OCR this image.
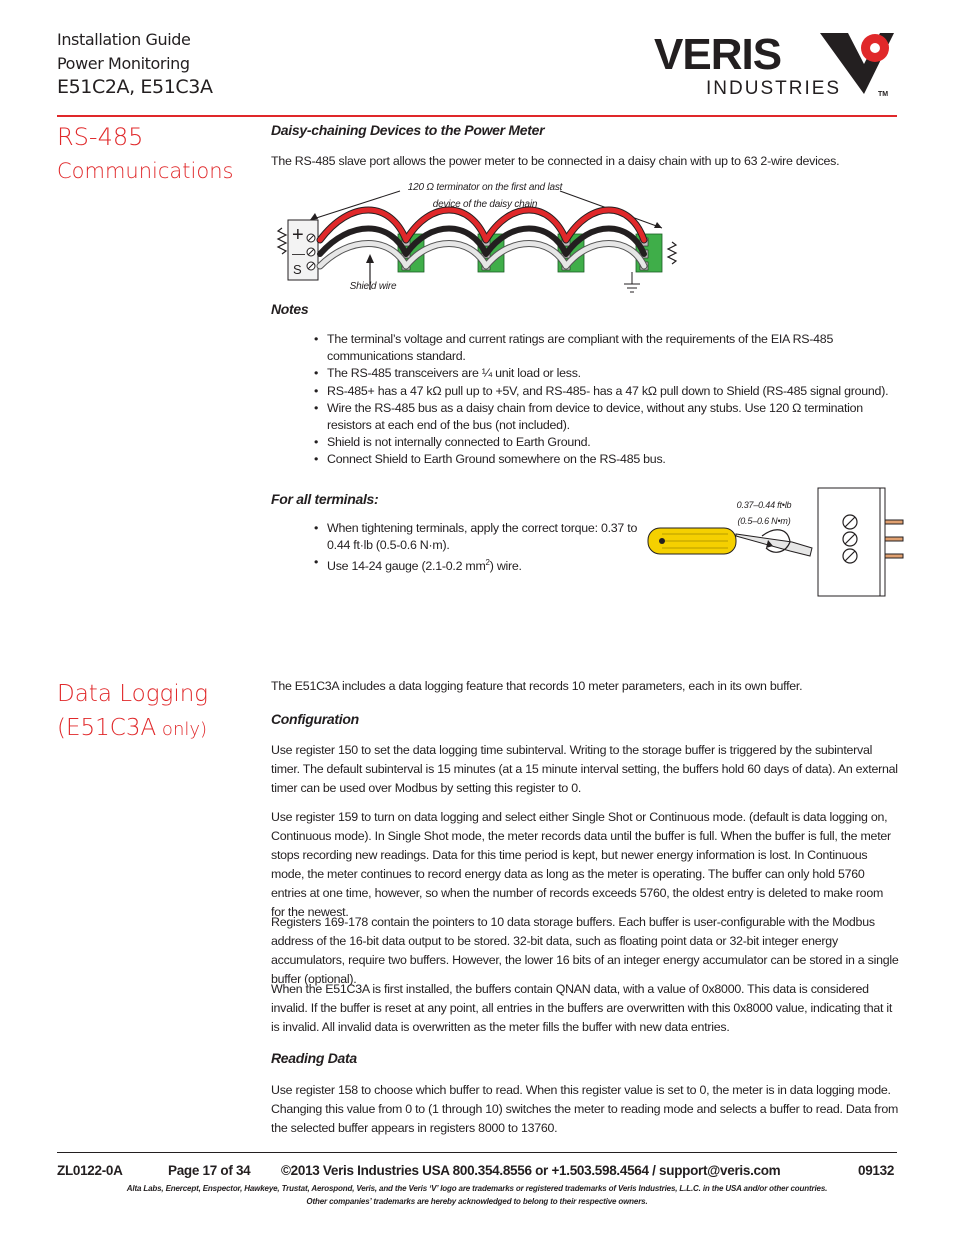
Installation Guide
Power Monitoring
E51C2A, E51C3A
VERIS
INDUSTRIES	TM
RS-485
Communications
Daisy-chaining Devices to the Power Meter
The RS-485 slave port allows the power meter to be connected in a daisy chain with up to 63 2-wire devices.
120 Ω terminator on the first and last
device of the daisy chain
+
—
S
Shield wire
Notes
• The terminal’s voltage and current ratings are compliant with the requirements of the EIA RS-485 communications standard.
• The RS-485 transceivers are ¼ unit load or less.
• RS-485+ has a 47 kΩ pull up to +5V, and RS-485- has a 47 kΩ pull down to Shield (RS-485 signal ground).
• Wire the RS-485 bus as a daisy chain from device to device, without any stubs. Use 120 Ω termination resistors at each end of the bus (not included).
• Shield is not internally connected to Earth Ground.
• Connect Shield to Earth Ground somewhere on the RS-485 bus.
For all terminals:
• When tightening terminals, apply the correct torque: 0.37 to 0.44 ft·lb (0.5-0.6 N·m).
• Use 14-24 gauge (2.1-0.2 $mm^2$) wire.
0.37–0.44 ft•lb
(0.5–0.6 N•m)
Data Logging
(E51C3A only)
The E51C3A includes a data logging feature that records 10 meter parameters, each in its own buffer.
Configuration
Use register 150 to set the data logging time subinterval. Writing to the storage buffer is triggered by the subinterval timer. The default subinterval is 15 minutes (at a 15 minute interval setting, the buffers hold 60 days of data). An external timer can be used over Modbus by setting this register to 0.
Use register 159 to turn on data logging and select either Single Shot or Continuous mode. (default is data logging on, Continuous mode). In Single Shot mode, the meter records data until the buffer is full. When the buffer is full, the meter stops recording new readings. Data for this time period is kept, but newer energy information is lost. In Continuous mode, the meter continues to record energy data as long as the meter is operating. The buffer can only hold 5760 entries at one time, however, so when the number of records exceeds 5760, the oldest entry is deleted to make room for the newest.
Registers 169-178 contain the pointers to 10 data storage buffers. Each buffer is user-configurable with the Modbus address of the 16-bit data output to be stored. 32-bit data, such as floating point data or 32-bit integer energy accumulators, require two buffers. However, the lower 16 bits of an integer energy accumulator can be stored in a single buffer (optional).
When the E51C3A is first installed, the buffers contain QNAN data, with a value of 0x8000. This data is considered invalid. If the buffer is reset at any point, all entries in the buffers are overwritten with this 0x8000 value, indicating that it is invalid. All invalid data is overwritten as the meter fills the buffer with new data entries.
Reading Data
Use register 158 to choose which buffer to read. When this register value is set to 0, the meter is in data logging mode. Changing this value from 0 to (1 through 10) switches the meter to reading mode and selects a buffer to read. Data from the selected buffer appears in registers 8000 to 13760.
ZL0122-0A	Page 17 of 34 ©2013 Veris Industries USA 800.354.8556 or +1.503.598.4564 / support@veris.com	09132
Alta Labs, Enercept, Enspector, Hawkeye, Trustat, Aerospond, Veris, and the Veris ‘V’ logo are trademarks or registered trademarks of Veris Industries, L.L.C. in the USA and/or other countries.
Other companies’ trademarks are hereby acknowledged to belong to their respective owners.
